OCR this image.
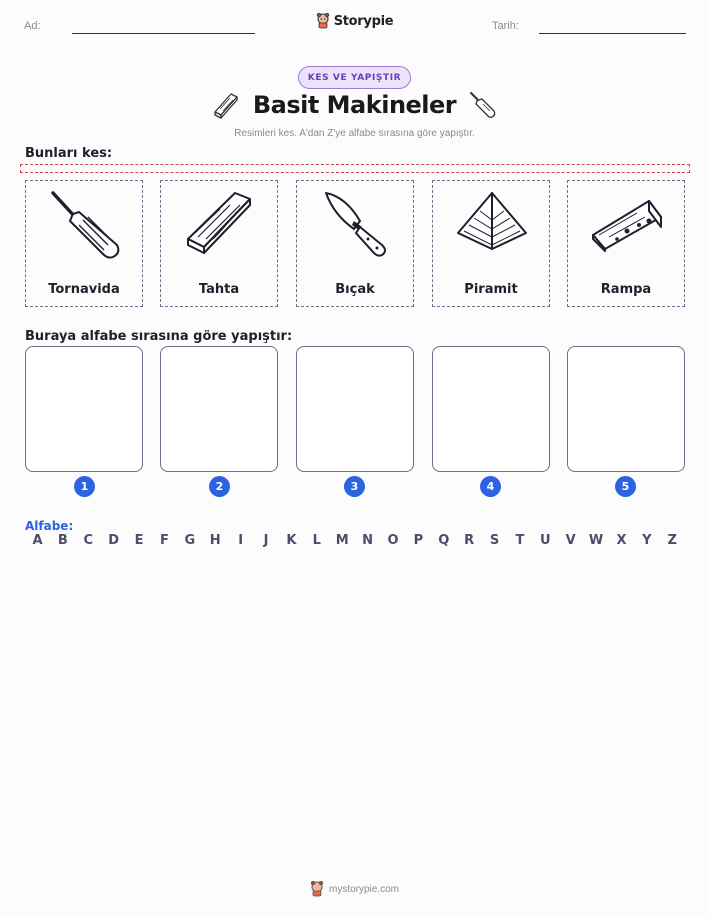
Ad:	Storypie	Tarih:
KES VE YAPIŞTIR
Basit Makineler
Resimleri kes. A'dan Z'ye alfabe sırasına göre yapıştır.
Bunları kes:
Tornavida	Tahta	Bıçak	Piramit	Rampa
Buraya alfabe sırasına göre yapıştır:
1	2	3	4	5
Alfabe:
A	B	C	D	E	F	G	H	I	J	K	L	M	N	O	P	Q	R	S	T	U	V	W	X	Y	Z
mystorypie.com
